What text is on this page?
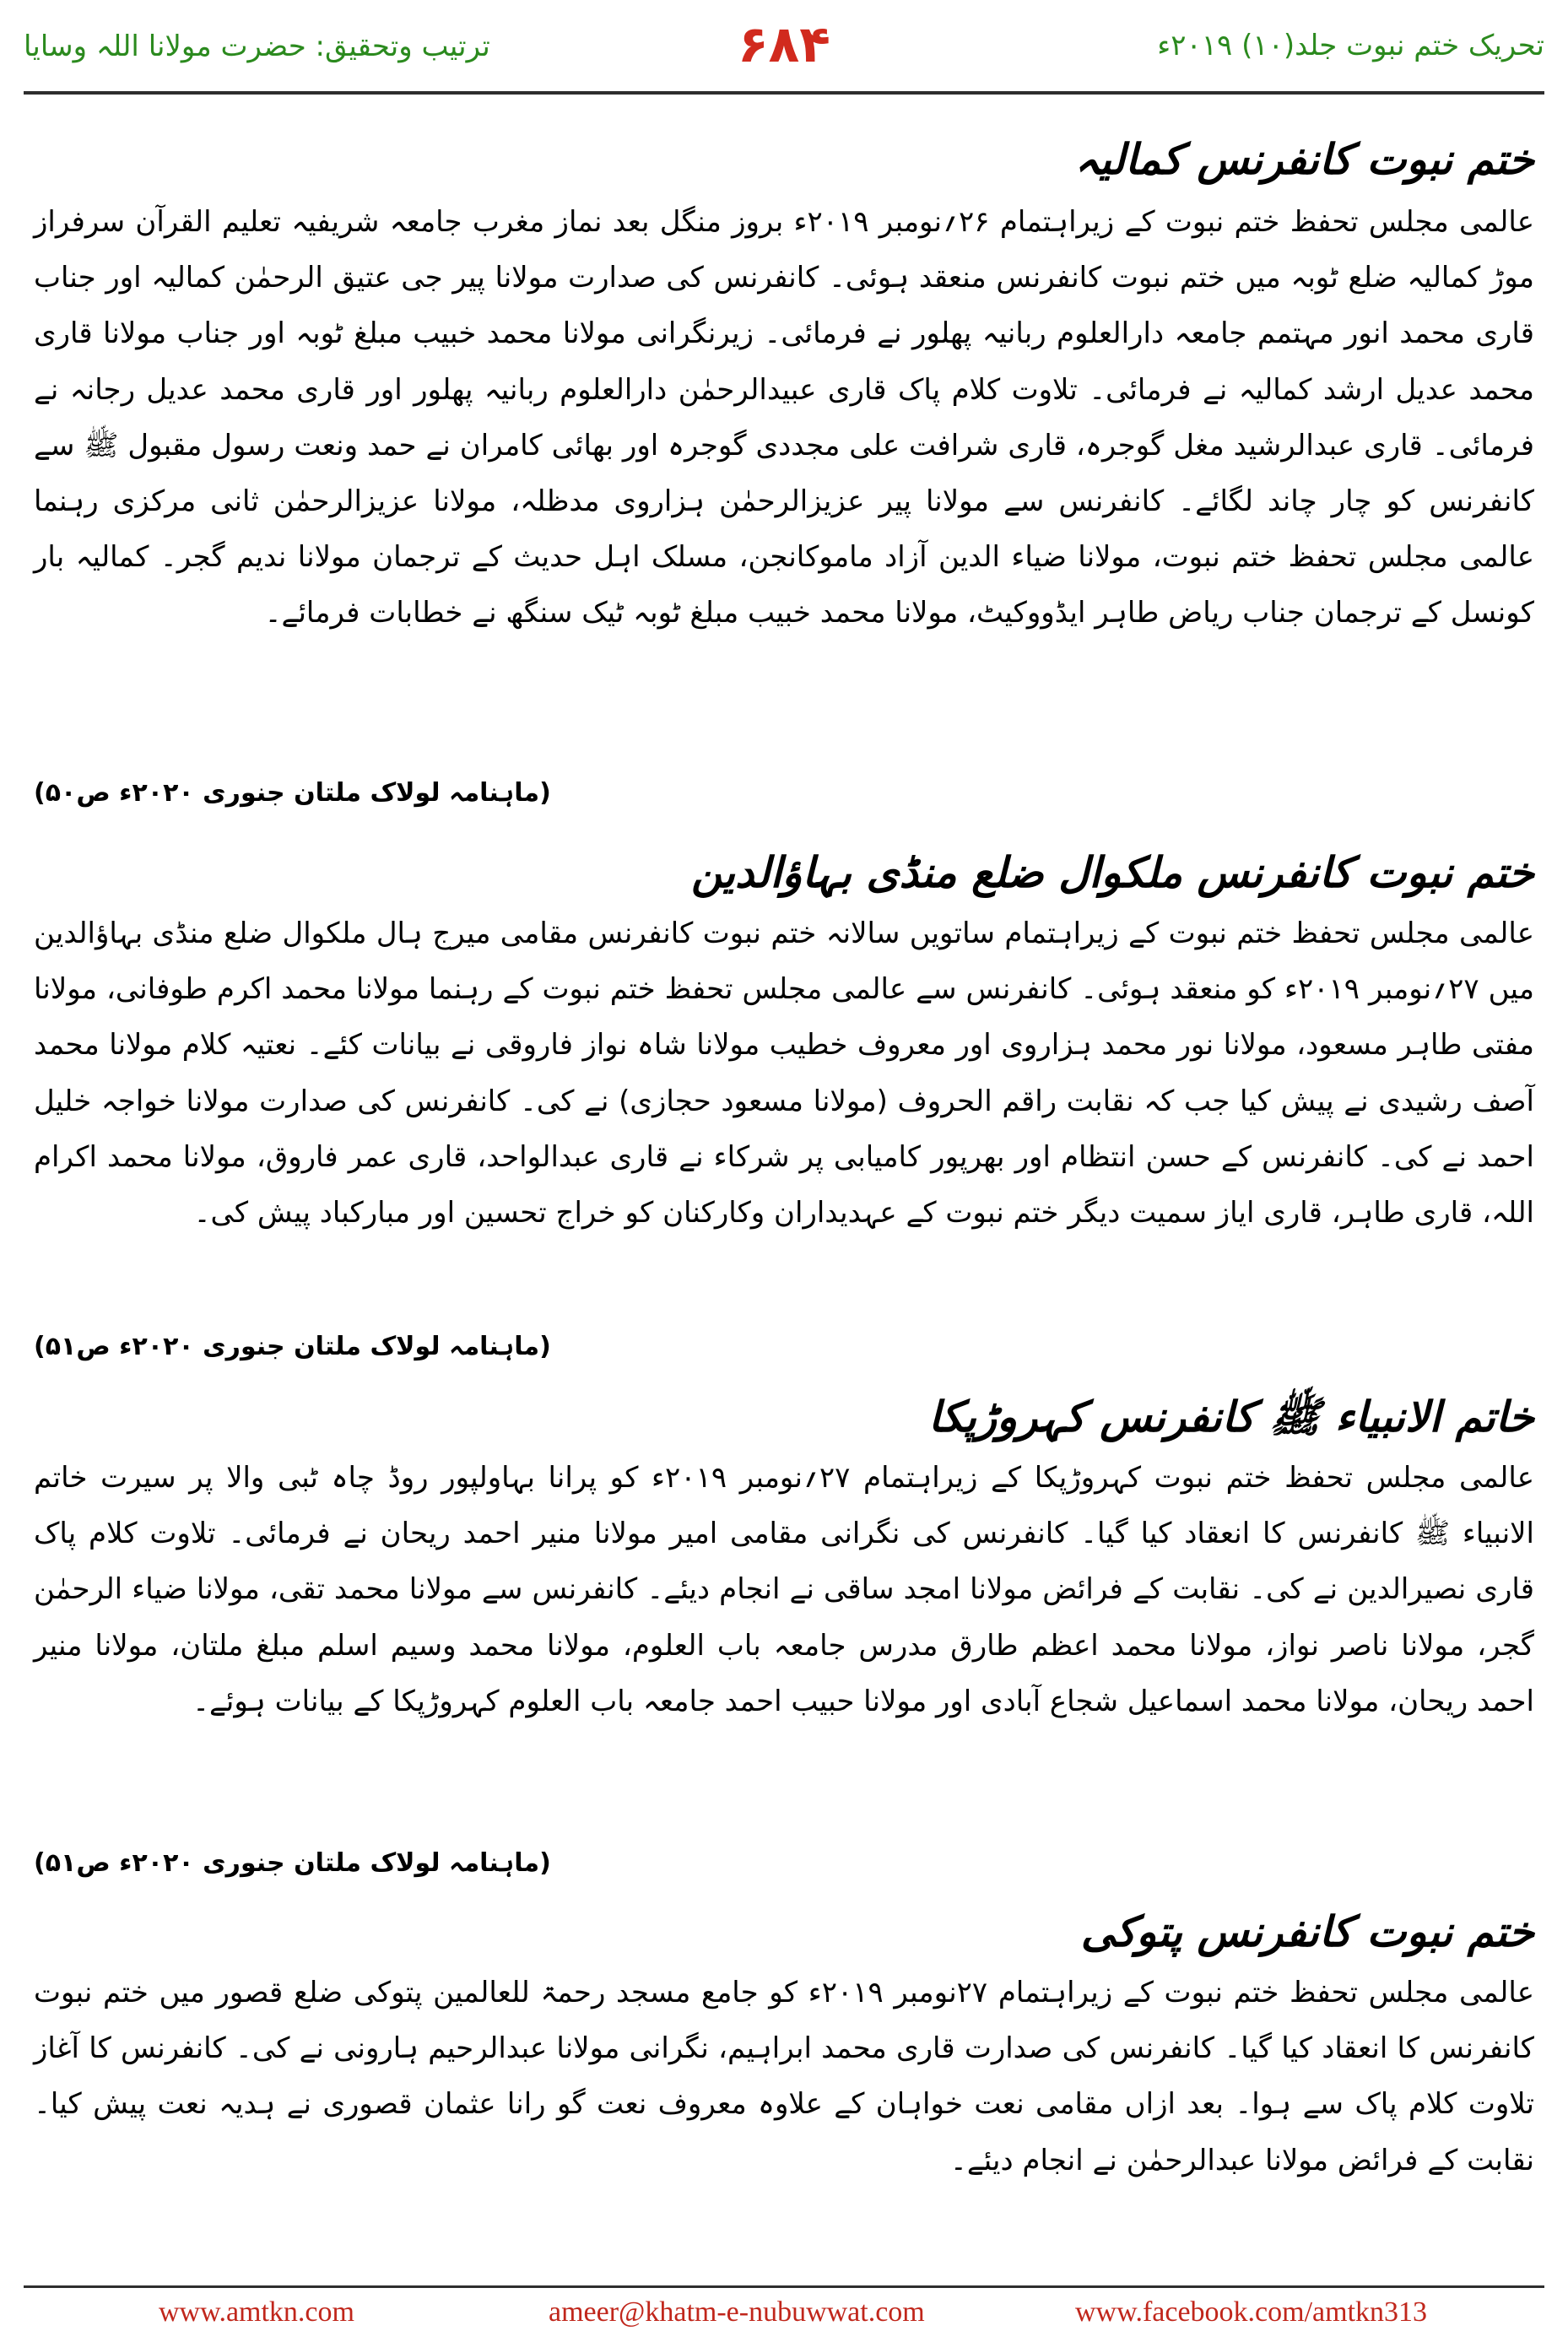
ترتیب وتحقیق: حضرت مولانا اللہ وسایا	۶۸۴	تحریک ختم نبوت جلد(۱۰) ۲۰۱۹ء
ختم نبوت کانفرنس کمالیہ

عالمی مجلس تحفظ ختم نبوت کے زیراہتمام ۲۶؍نومبر ۲۰۱۹ء بروز منگل بعد نماز مغرب جامعہ شریفیہ تعلیم القرآن سرفراز موڑ کمالیہ ضلع ٹوبہ میں ختم نبوت کانفرنس منعقد ہوئی۔ کانفرنس کی صدارت مولانا پیر جی عتیق الرحمٰن کمالیہ اور جناب قاری محمد انور مہتمم جامعہ دارالعلوم ربانیہ پھلور نے فرمائی۔ زیرنگرانی مولانا محمد خبیب مبلغ ٹوبہ اور جناب مولانا قاری محمد عدیل ارشد کمالیہ نے فرمائی۔ تلاوت کلام پاک قاری عبیدالرحمٰن دارالعلوم ربانیہ پھلور اور قاری محمد عدیل رجانہ نے فرمائی۔ قاری عبدالرشید مغل گوجرہ، قاری شرافت علی مجددی گوجرہ اور بھائی کامران نے حمد ونعت رسول مقبول ﷺ سے کانفرنس کو چار چاند لگائے۔ کانفرنس سے مولانا پیر عزیزالرحمٰن ہزاروی مدظلہ، مولانا عزیزالرحمٰن ثانی مرکزی رہنما عالمی مجلس تحفظ ختم نبوت، مولانا ضیاء الدین آزاد ماموکانجن، مسلک اہل حدیث کے ترجمان مولانا ندیم گجر۔ کمالیہ بار کونسل کے ترجمان جناب ریاض طاہر ایڈووکیٹ، مولانا محمد خبیب مبلغ ٹوبہ ٹیک سنگھ نے خطابات فرمائے۔

(ماہنامہ لولاک ملتان جنوری ۲۰۲۰ء ص۵۰)
ختم نبوت کانفرنس ملکوال ضلع منڈی بہاؤالدین

عالمی مجلس تحفظ ختم نبوت کے زیراہتمام ساتویں سالانہ ختم نبوت کانفرنس مقامی میرج ہال ملکوال ضلع منڈی بہاؤالدین میں ۲۷؍نومبر ۲۰۱۹ء کو منعقد ہوئی۔ کانفرنس سے عالمی مجلس تحفظ ختم نبوت کے رہنما مولانا محمد اکرم طوفانی، مولانا مفتی طاہر مسعود، مولانا نور محمد ہزاروی اور معروف خطیب مولانا شاہ نواز فاروقی نے بیانات کئے۔ نعتیہ کلام مولانا محمد آصف رشیدی نے پیش کیا جب کہ نقابت راقم الحروف (مولانا مسعود حجازی) نے کی۔ کانفرنس کی صدارت مولانا خواجہ خلیل احمد نے کی۔ کانفرنس کے حسن انتظام اور بھرپور کامیابی پر شرکاء نے قاری عبدالواحد، قاری عمر فاروق، مولانا محمد اکرام اللہ، قاری طاہر، قاری ایاز سمیت دیگر ختم نبوت کے عہدیداران وکارکنان کو خراج تحسین اور مبارکباد پیش کی۔

(ماہنامہ لولاک ملتان جنوری ۲۰۲۰ء ص۵۱)
خاتم الانبیاء ﷺ کانفرنس کہروڑپکا

عالمی مجلس تحفظ ختم نبوت کہروڑپکا کے زیراہتمام ۲۷؍نومبر ۲۰۱۹ء کو پرانا بہاولپور روڈ چاہ ٹبی والا پر سیرت خاتم الانبیاء ﷺ کانفرنس کا انعقاد کیا گیا۔ کانفرنس کی نگرانی مقامی امیر مولانا منیر احمد ریحان نے فرمائی۔ تلاوت کلام پاک قاری نصیرالدین نے کی۔ نقابت کے فرائض مولانا امجد ساقی نے انجام دیئے۔ کانفرنس سے مولانا محمد تقی، مولانا ضیاء الرحمٰن گجر، مولانا ناصر نواز، مولانا محمد اعظم طارق مدرس جامعہ باب العلوم، مولانا محمد وسیم اسلم مبلغ ملتان، مولانا منیر احمد ریحان، مولانا محمد اسماعیل شجاع آبادی اور مولانا حبیب احمد جامعہ باب العلوم کہروڑپکا کے بیانات ہوئے۔

(ماہنامہ لولاک ملتان جنوری ۲۰۲۰ء ص۵۱)
ختم نبوت کانفرنس پتوکی

عالمی مجلس تحفظ ختم نبوت کے زیراہتمام ۲۷نومبر ۲۰۱۹ء کو جامع مسجد رحمۃ للعالمین پتوکی ضلع قصور میں ختم نبوت کانفرنس کا انعقاد کیا گیا۔ کانفرنس کی صدارت قاری محمد ابراہیم، نگرانی مولانا عبدالرحیم ہارونی نے کی۔ کانفرنس کا آغاز تلاوت کلام پاک سے ہوا۔ بعد ازاں مقامی نعت خواہان کے علاوہ معروف نعت گو رانا عثمان قصوری نے ہدیہ نعت پیش کیا۔ نقابت کے فرائض مولانا عبدالرحمٰن نے انجام دیئے۔

www.amtkn.com	ameer@khatm-e-nubuwwat.com	www.facebook.com/amtkn313
